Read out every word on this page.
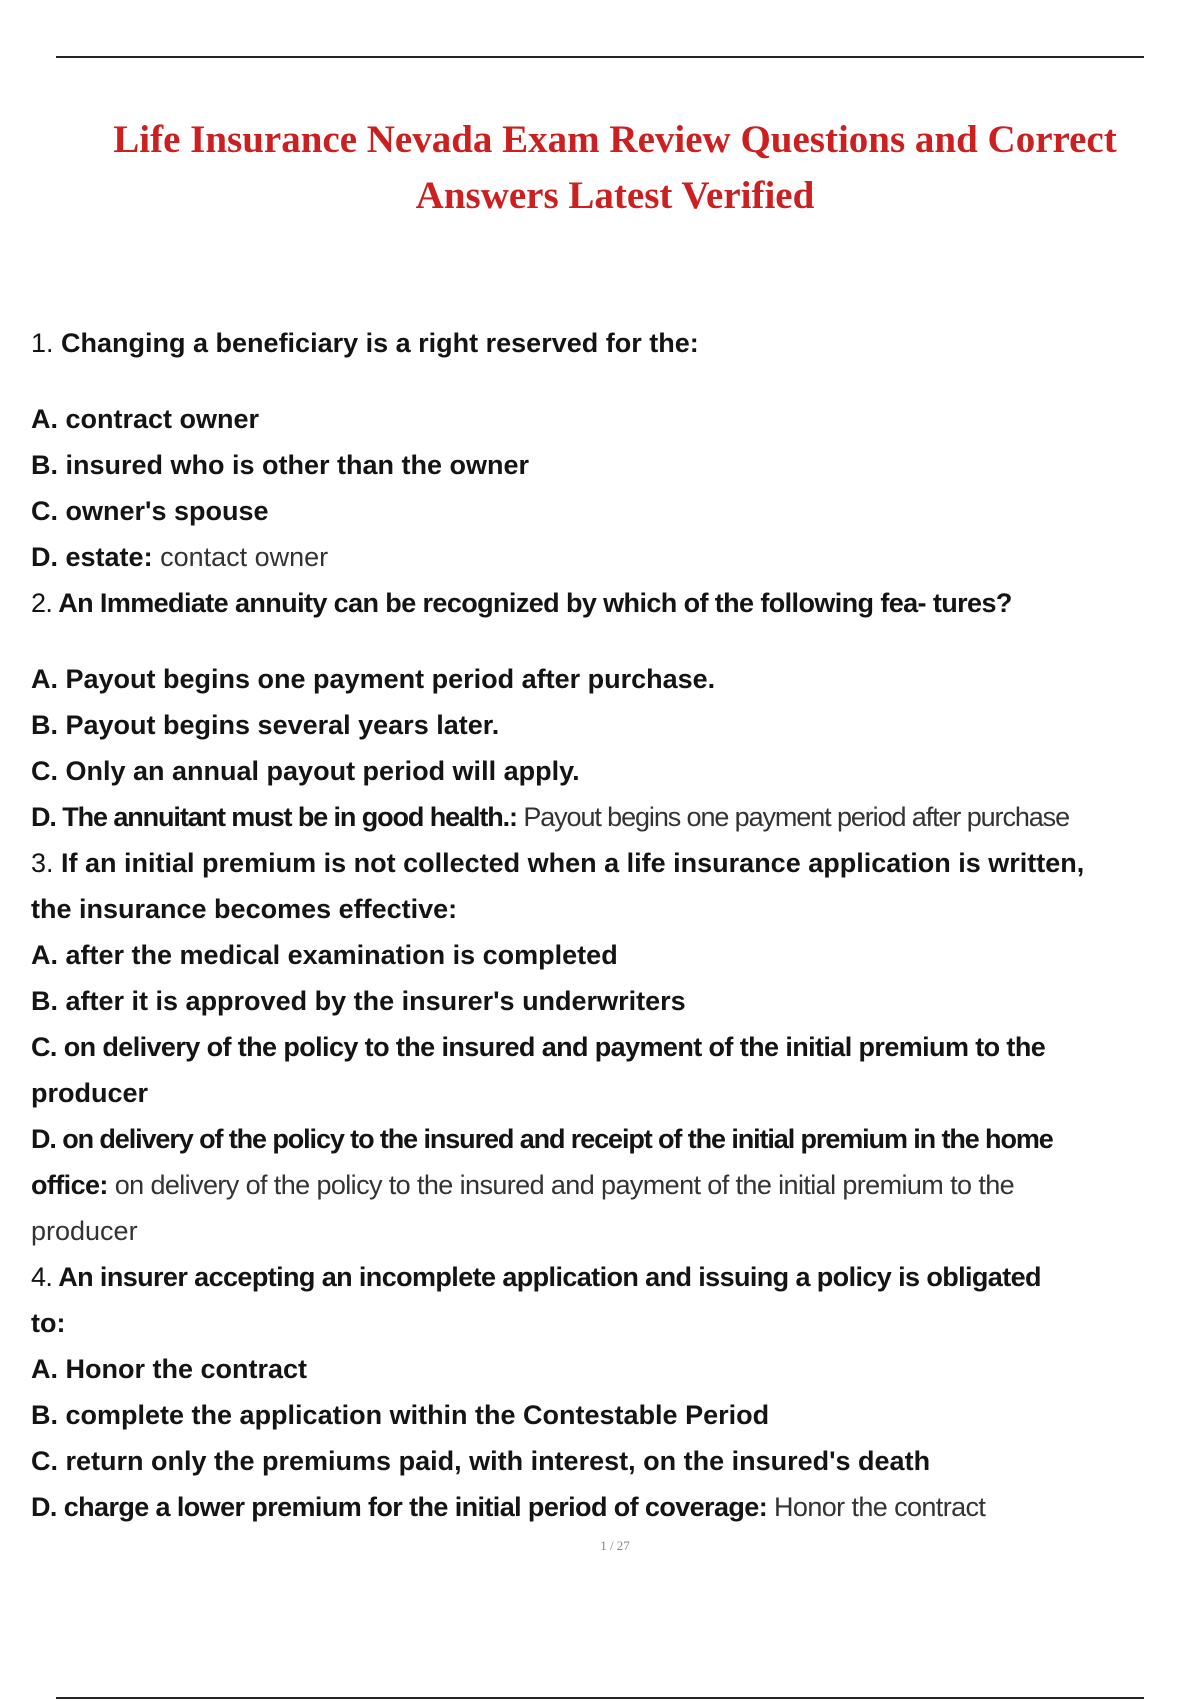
Life Insurance Nevada Exam Review Questions and Correct
Answers Latest Verified
1. Changing a beneficiary is a right reserved for the:
A. contract owner
B. insured who is other than the owner
C. owner's spouse
D. estate: contact owner
2. An Immediate annuity can be recognized by which of the following fea- tures?
A. Payout begins one payment period after purchase.
B. Payout begins several years later.
C. Only an annual payout period will apply.
D. The annuitant must be in good health.: Payout begins one payment period after purchase
3. If an initial premium is not collected when a life insurance application is written,
the insurance becomes effective:
A. after the medical examination is completed
B. after it is approved by the insurer's underwriters
C. on delivery of the policy to the insured and payment of the initial premium to the
producer
D. on delivery of the policy to the insured and receipt of the initial premium in the home
office: on delivery of the policy to the insured and payment of the initial premium to the
producer
4. An insurer accepting an incomplete application and issuing a policy is obligated
to:
A. Honor the contract
B. complete the application within the Contestable Period
C. return only the premiums paid, with interest, on the insured's death
D. charge a lower premium for the initial period of coverage: Honor the contract
1 / 27
